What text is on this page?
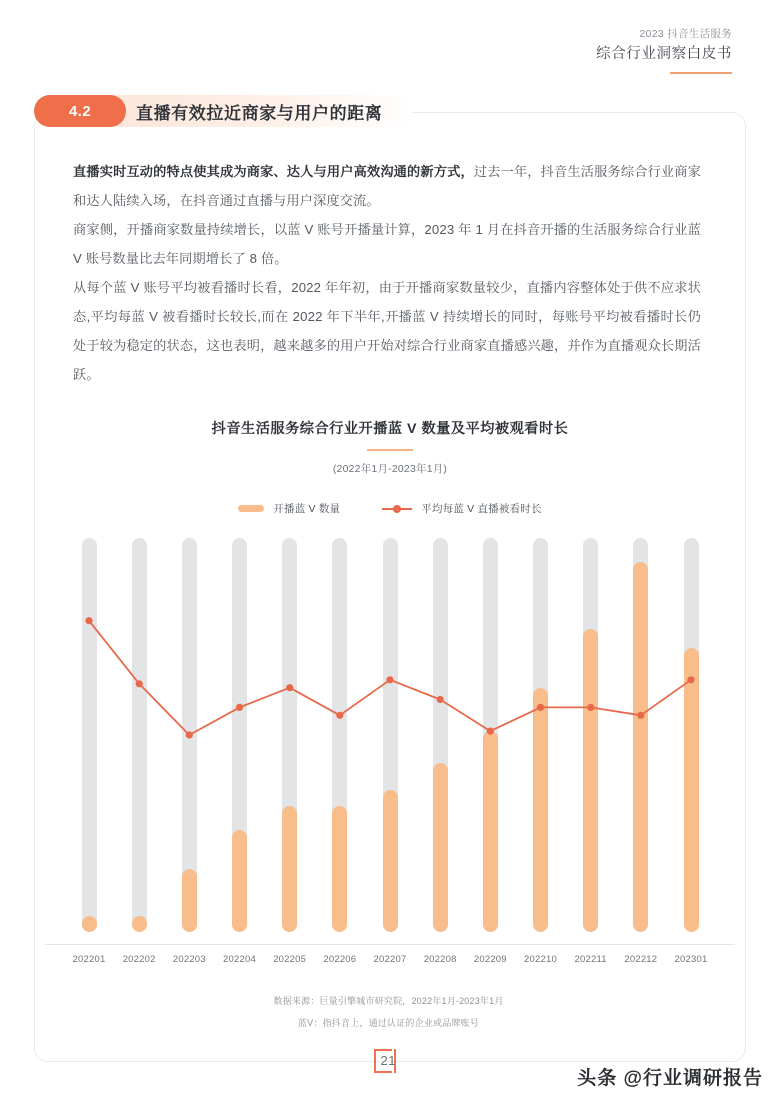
2023 抖音生活服务
综合行业洞察白皮书
4.2	直播有效拉近商家与用户的距离

直播实时互动的特点使其成为商家、达人与用户高效沟通的新方式，过去一年，抖音生活服务综合行业商家和达人陆续入场，在抖音通过直播与用户深度交流。

商家侧，开播商家数量持续增长，以蓝 V 账号开播量计算，2023 年 1 月在抖音开播的生活服务综合行业蓝 V 账号数量比去年同期增长了 8 倍。

从每个蓝 V 账号平均被看播时长看，2022 年年初，由于开播商家数量较少，直播内容整体处于供不应求状态,平均每蓝 V 被看播时长较长,而在 2022 年下半年,开播蓝 V 持续增长的同时，每账号平均被看播时长仍处于较为稳定的状态，这也表明，越来越多的用户开始对综合行业商家直播感兴趣，并作为直播观众长期活跃。

抖音生活服务综合行业开播蓝 V 数量及平均被观看时长
(2022年1月-2023年1月)
开播蓝 V 数量	平均每蓝 V 直播被看时长
202201 202202 202203 202204 202205 202206 202207 202208 202209 202210 202211 202212 202301
数据来源：巨量引擎城市研究院，2022年1月-2023年1月
蓝V：指抖音上，通过认证的企业或品牌账号
21
头条 @行业调研报告
